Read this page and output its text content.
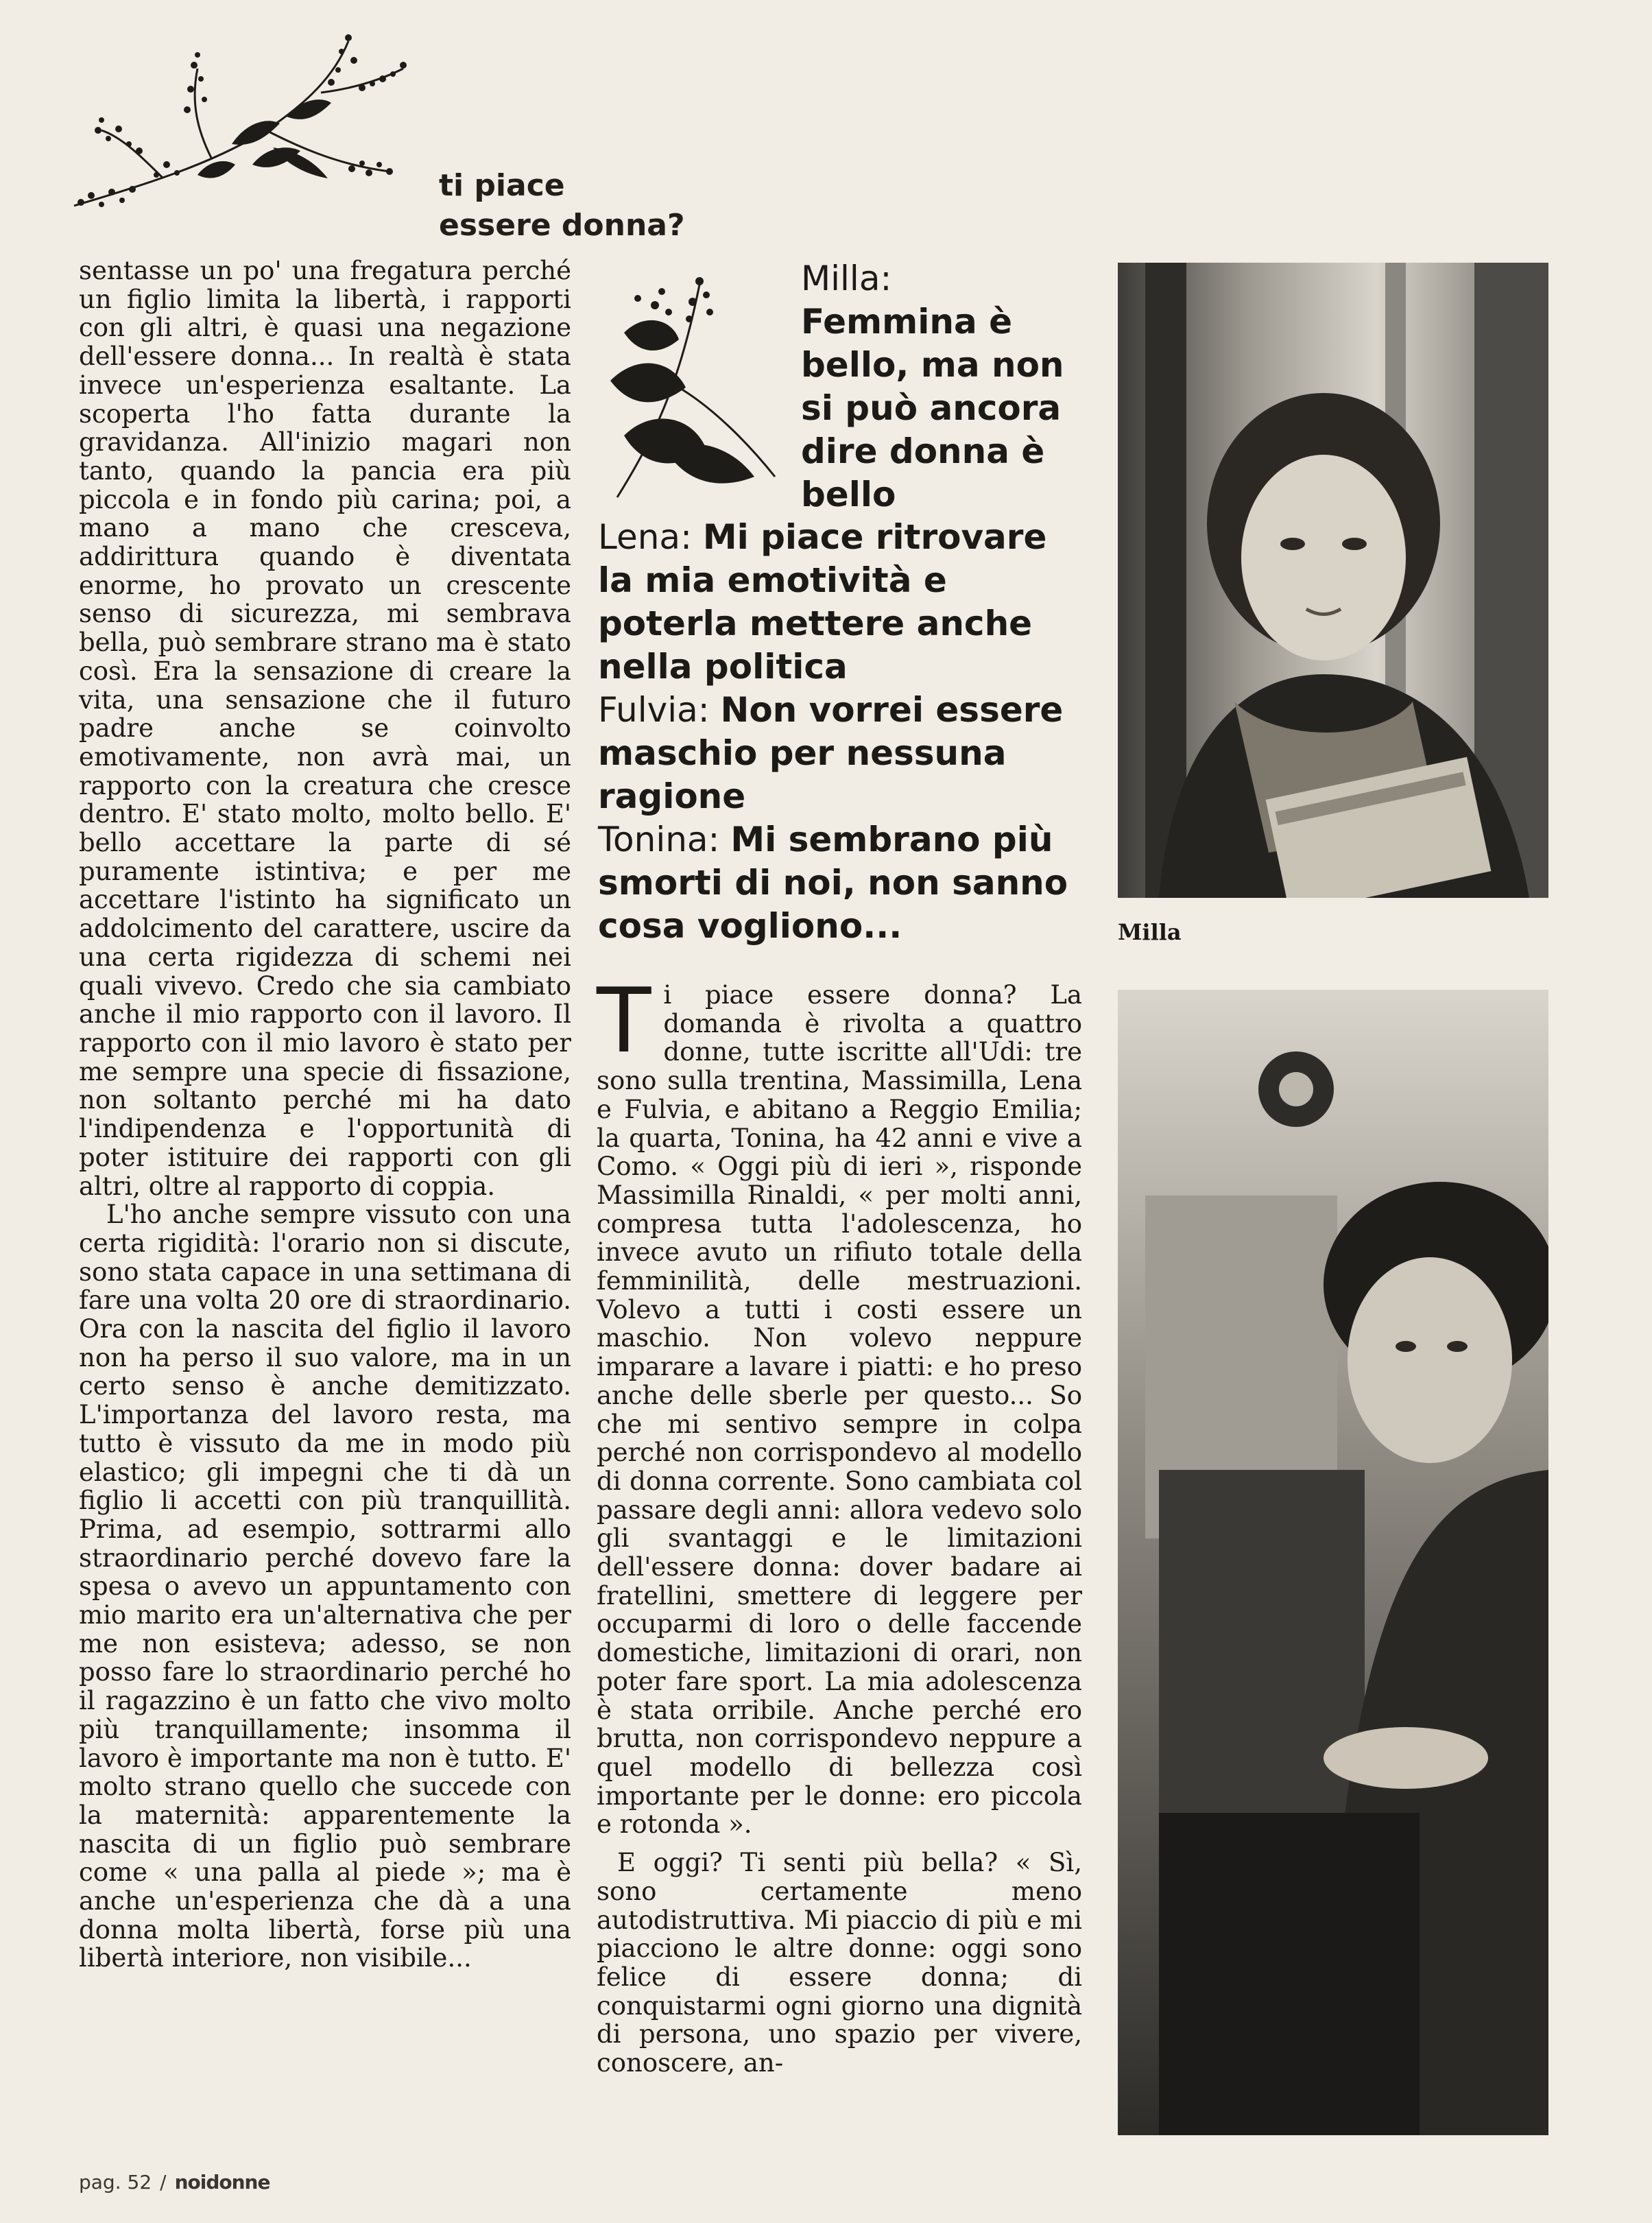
ti piace
essere donna?

sentasse un po' una fregatura perché un figlio limita la libertà, i rapporti con gli altri, è quasi una negazione dell'essere donna... In realtà è stata invece un'esperienza esaltante. La scoperta l'ho fatta durante la gravidanza. All'inizio magari non tanto, quando la pancia era più piccola e in fondo più carina; poi, a mano a mano che cresceva, addirittura quando è diventata enorme, ho provato un crescente senso di sicurezza, mi sembrava bella, può sembrare strano ma è stato così. Era la sensazione di creare la vita, una sensazione che il futuro padre anche se coinvolto emotivamente, non avrà mai, un rapporto con la creatura che cresce dentro. E' stato molto, molto bello. E' bello accettare la parte di sé puramente istintiva; e per me accettare l'istinto ha significato un addolcimento del carattere, uscire da una certa rigidezza di schemi nei quali vivevo. Credo che sia cambiato anche il mio rapporto con il lavoro. Il rapporto con il mio lavoro è stato per me sempre una specie di fissazione, non soltanto perché mi ha dato l'indipendenza e l'opportunità di poter istituire dei rapporti con gli altri, oltre al rapporto di coppia.

L'ho anche sempre vissuto con una certa rigidità: l'orario non si discute, sono stata capace in una settimana di fare una volta 20 ore di straordinario. Ora con la nascita del figlio il lavoro non ha perso il suo valore, ma in un certo senso è anche demitizzato. L'importanza del lavoro resta, ma tutto è vissuto da me in modo più elastico; gli impegni che ti dà un figlio li accetti con più tranquillità. Prima, ad esempio, sottrarmi allo straordinario perché dovevo fare la spesa o avevo un appuntamento con mio marito era un'alternativa che per me non esisteva; adesso, se non posso fare lo straordinario perché ho il ragazzino è un fatto che vivo molto più tranquillamente; insomma il lavoro è importante ma non è tutto. E' molto strano quello che succede con la maternità: apparentemente la nascita di un figlio può sembrare come « una palla al piede »; ma è anche un'esperienza che dà a una donna molta libertà, forse più una libertà interiore, non visibile...

Milla:
Femmina è bello, ma non si può ancora dire donna è bello
Lena: Mi piace ritrovare la mia emotività e poterla mettere anche nella politica
Fulvia: Non vorrei essere maschio per nessuna ragione
Tonina: Mi sembrano più smorti di noi, non sanno cosa vogliono...

Ti piace essere donna? La domanda è rivolta a quattro donne, tutte iscritte all'Udi: tre sono sulla trentina, Massimilla, Lena e Fulvia, e abitano a Reggio Emilia; la quarta, Tonina, ha 42 anni e vive a Como. « Oggi più di ieri », risponde Massimilla Rinaldi, « per molti anni, compresa tutta l'adolescenza, ho invece avuto un rifiuto totale della femminilità, delle mestruazioni. Volevo a tutti i costi essere un maschio. Non volevo neppure imparare a lavare i piatti: e ho preso anche delle sberle per questo... So che mi sentivo sempre in colpa perché non corrispondevo al modello di donna corrente. Sono cambiata col passare degli anni: allora vedevo solo gli svantaggi e le limitazioni dell'essere donna: dover badare ai fratellini, smettere di leggere per occuparmi di loro o delle faccende domestiche, limitazioni di orari, non poter fare sport. La mia adolescenza è stata orribile. Anche perché ero brutta, non corrispondevo neppure a quel modello di bellezza così importante per le donne: ero piccola e rotonda ».

E oggi? Ti senti più bella? « Sì, sono certamente meno autodistruttiva. Mi piaccio di più e mi piacciono le altre donne: oggi sono felice di essere donna; di conquistarmi ogni giorno una dignità di persona, uno spazio per vivere, conoscere, an-

Milla
pag. 52 / noidonne
